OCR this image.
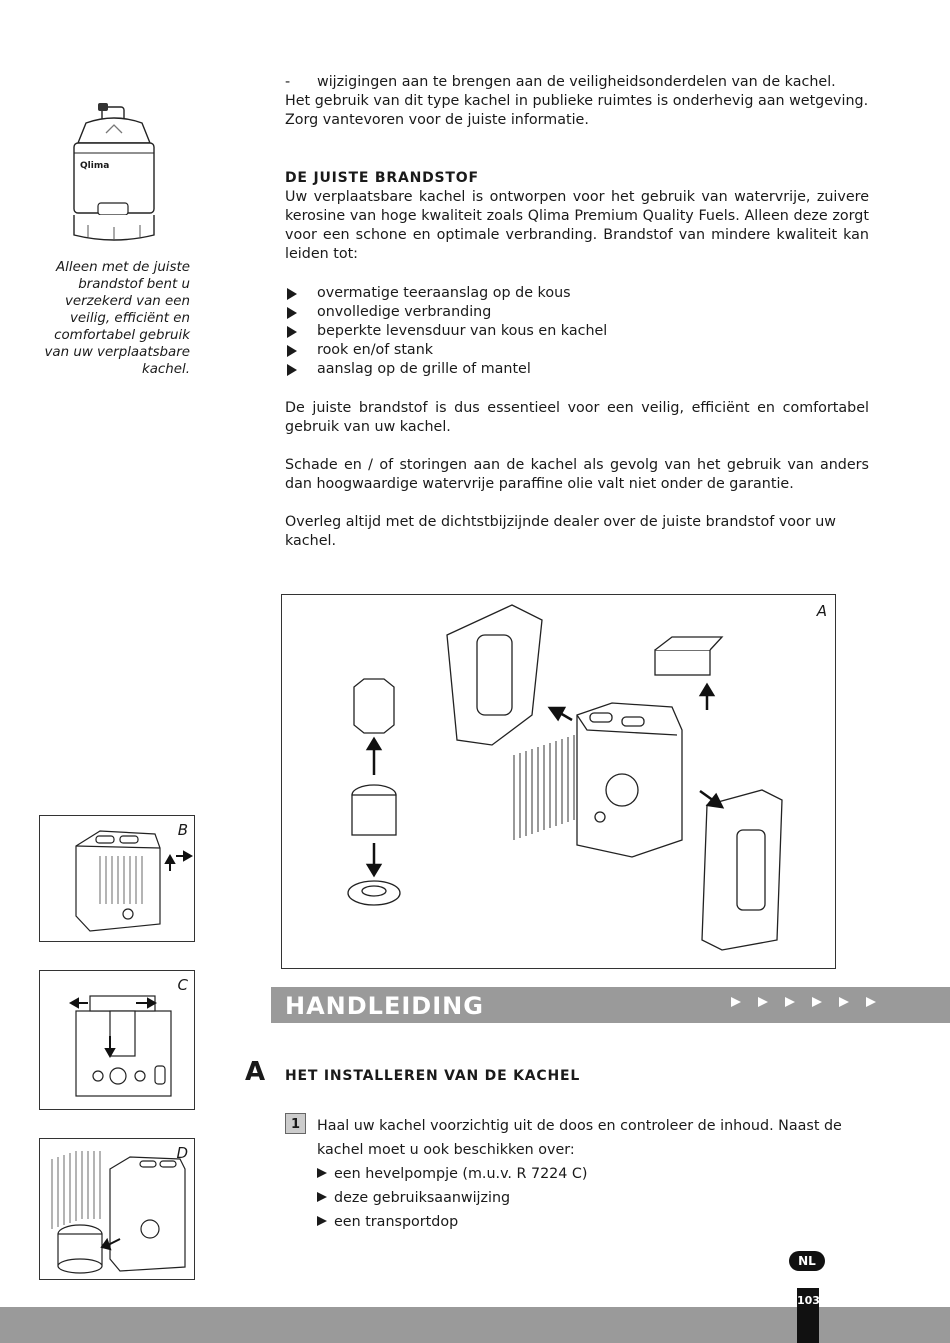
- wijzigingen aan te brengen aan de veiligheidsonderdelen van de kachel.
Het gebruik van dit type kachel in publieke ruimtes is onderhevig aan wetgeving.
Zorg vantevoren voor de juiste informatie.
DE JUISTE BRANDSTOF
Uw verplaatsbare kachel is ontworpen voor het gebruik van watervrije, zuivere kerosine van hoge kwaliteit zoals Qlima Premium Quality Fuels. Alleen deze zorgt voor een schone en optimale verbranding. Brandstof van mindere kwaliteit kan leiden tot:
overmatige teeraanslag op de kous
onvolledige verbranding
beperkte levensduur van kous en kachel
rook en/of stank
aanslag op de grille of mantel
De juiste brandstof is dus essentieel voor een veilig, efficiënt en comfortabel gebruik van uw kachel.
Schade en / of storingen aan de kachel als gevolg van het gebruik van anders dan hoogwaardige watervrije paraffine olie valt niet onder de garantie.
Overleg altijd met de dichtstbijzijnde dealer over de juiste brandstof voor uw kachel.
Qlima
Alleen met de juiste brandstof bent u verzekerd van een veilig, efficiënt en comfortabel gebruik van uw verplaatsbare kachel.
A
B
C
D
HANDLEIDING
A HET INSTALLEREN VAN DE KACHEL
1	Haal uw kachel voorzichtig uit de doos en controleer de inhoud. Naast de
kachel moet u ook beschikken over:
een hevelpompje (m.u.v. R 7224 C)
deze gebruiksaanwijzing
een transportdop
NL
103
